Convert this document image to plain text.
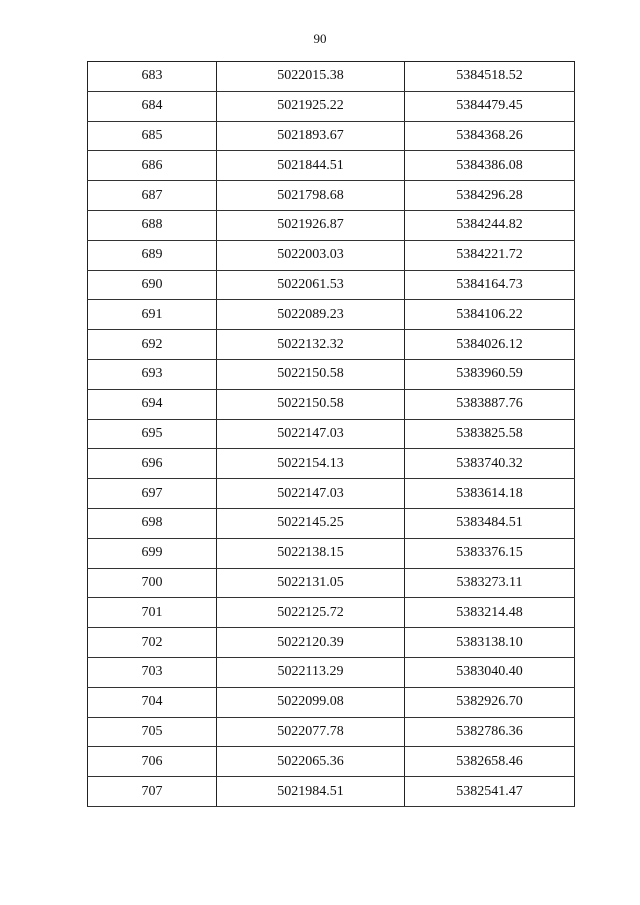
90
683	5022015.38	5384518.52
684	5021925.22	5384479.45
685	5021893.67	5384368.26
686	5021844.51	5384386.08
687	5021798.68	5384296.28
688	5021926.87	5384244.82
689	5022003.03	5384221.72
690	5022061.53	5384164.73
691	5022089.23	5384106.22
692	5022132.32	5384026.12
693	5022150.58	5383960.59
694	5022150.58	5383887.76
695	5022147.03	5383825.58
696	5022154.13	5383740.32
697	5022147.03	5383614.18
698	5022145.25	5383484.51
699	5022138.15	5383376.15
700	5022131.05	5383273.11
701	5022125.72	5383214.48
702	5022120.39	5383138.10
703	5022113.29	5383040.40
704	5022099.08	5382926.70
705	5022077.78	5382786.36
706	5022065.36	5382658.46
707	5021984.51	5382541.47
